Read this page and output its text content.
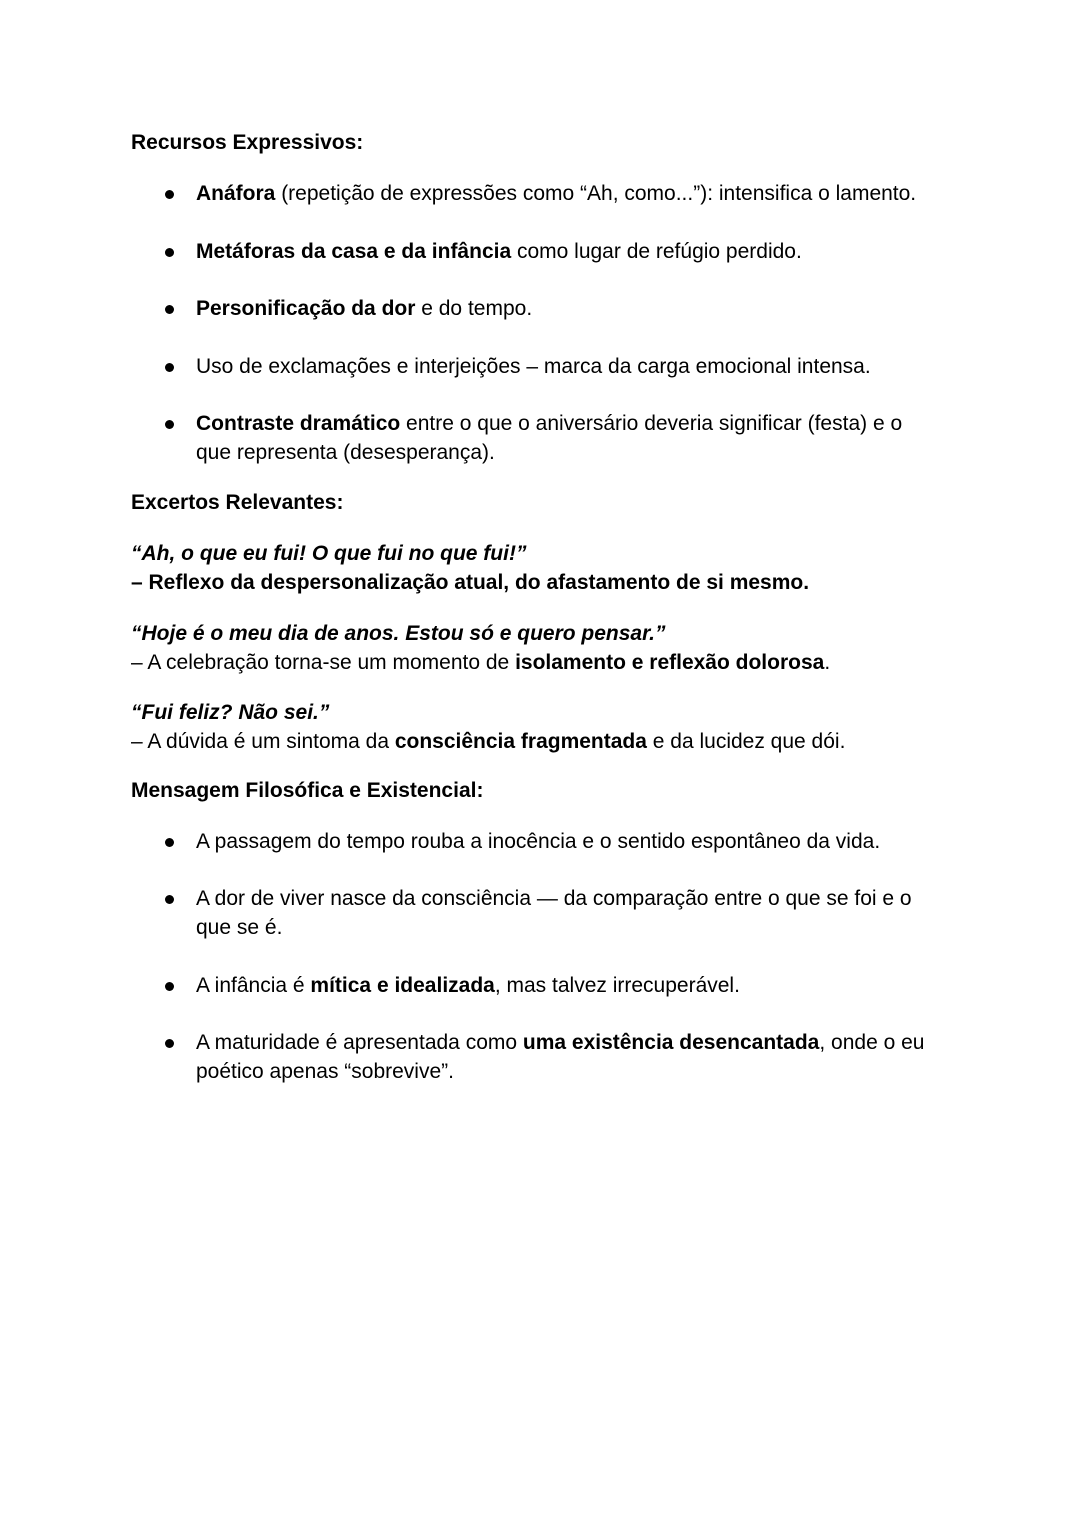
Recursos Expressivos:
Anáfora (repetição de expressões como “Ah, como...”): intensifica o lamento.
Metáforas da casa e da infância como lugar de refúgio perdido.
Personificação da dor e do tempo.
Uso de exclamações e interjeições – marca da carga emocional intensa.
Contraste dramático entre o que o aniversário deveria significar (festa) e o que representa (desesperança).
Excertos Relevantes:
“Ah, o que eu fui! O que fui no que fui!”
– Reflexo da despersonalização atual, do afastamento de si mesmo.
“Hoje é o meu dia de anos. Estou só e quero pensar.”
– A celebração torna-se um momento de isolamento e reflexão dolorosa.
“Fui feliz? Não sei.”
– A dúvida é um sintoma da consciência fragmentada e da lucidez que dói.
Mensagem Filosófica e Existencial:
A passagem do tempo rouba a inocência e o sentido espontâneo da vida.
A dor de viver nasce da consciência — da comparação entre o que se foi e o que se é.
A infância é mítica e idealizada, mas talvez irrecuperável.
A maturidade é apresentada como uma existência desencantada, onde o eu poético apenas “sobrevive”.
